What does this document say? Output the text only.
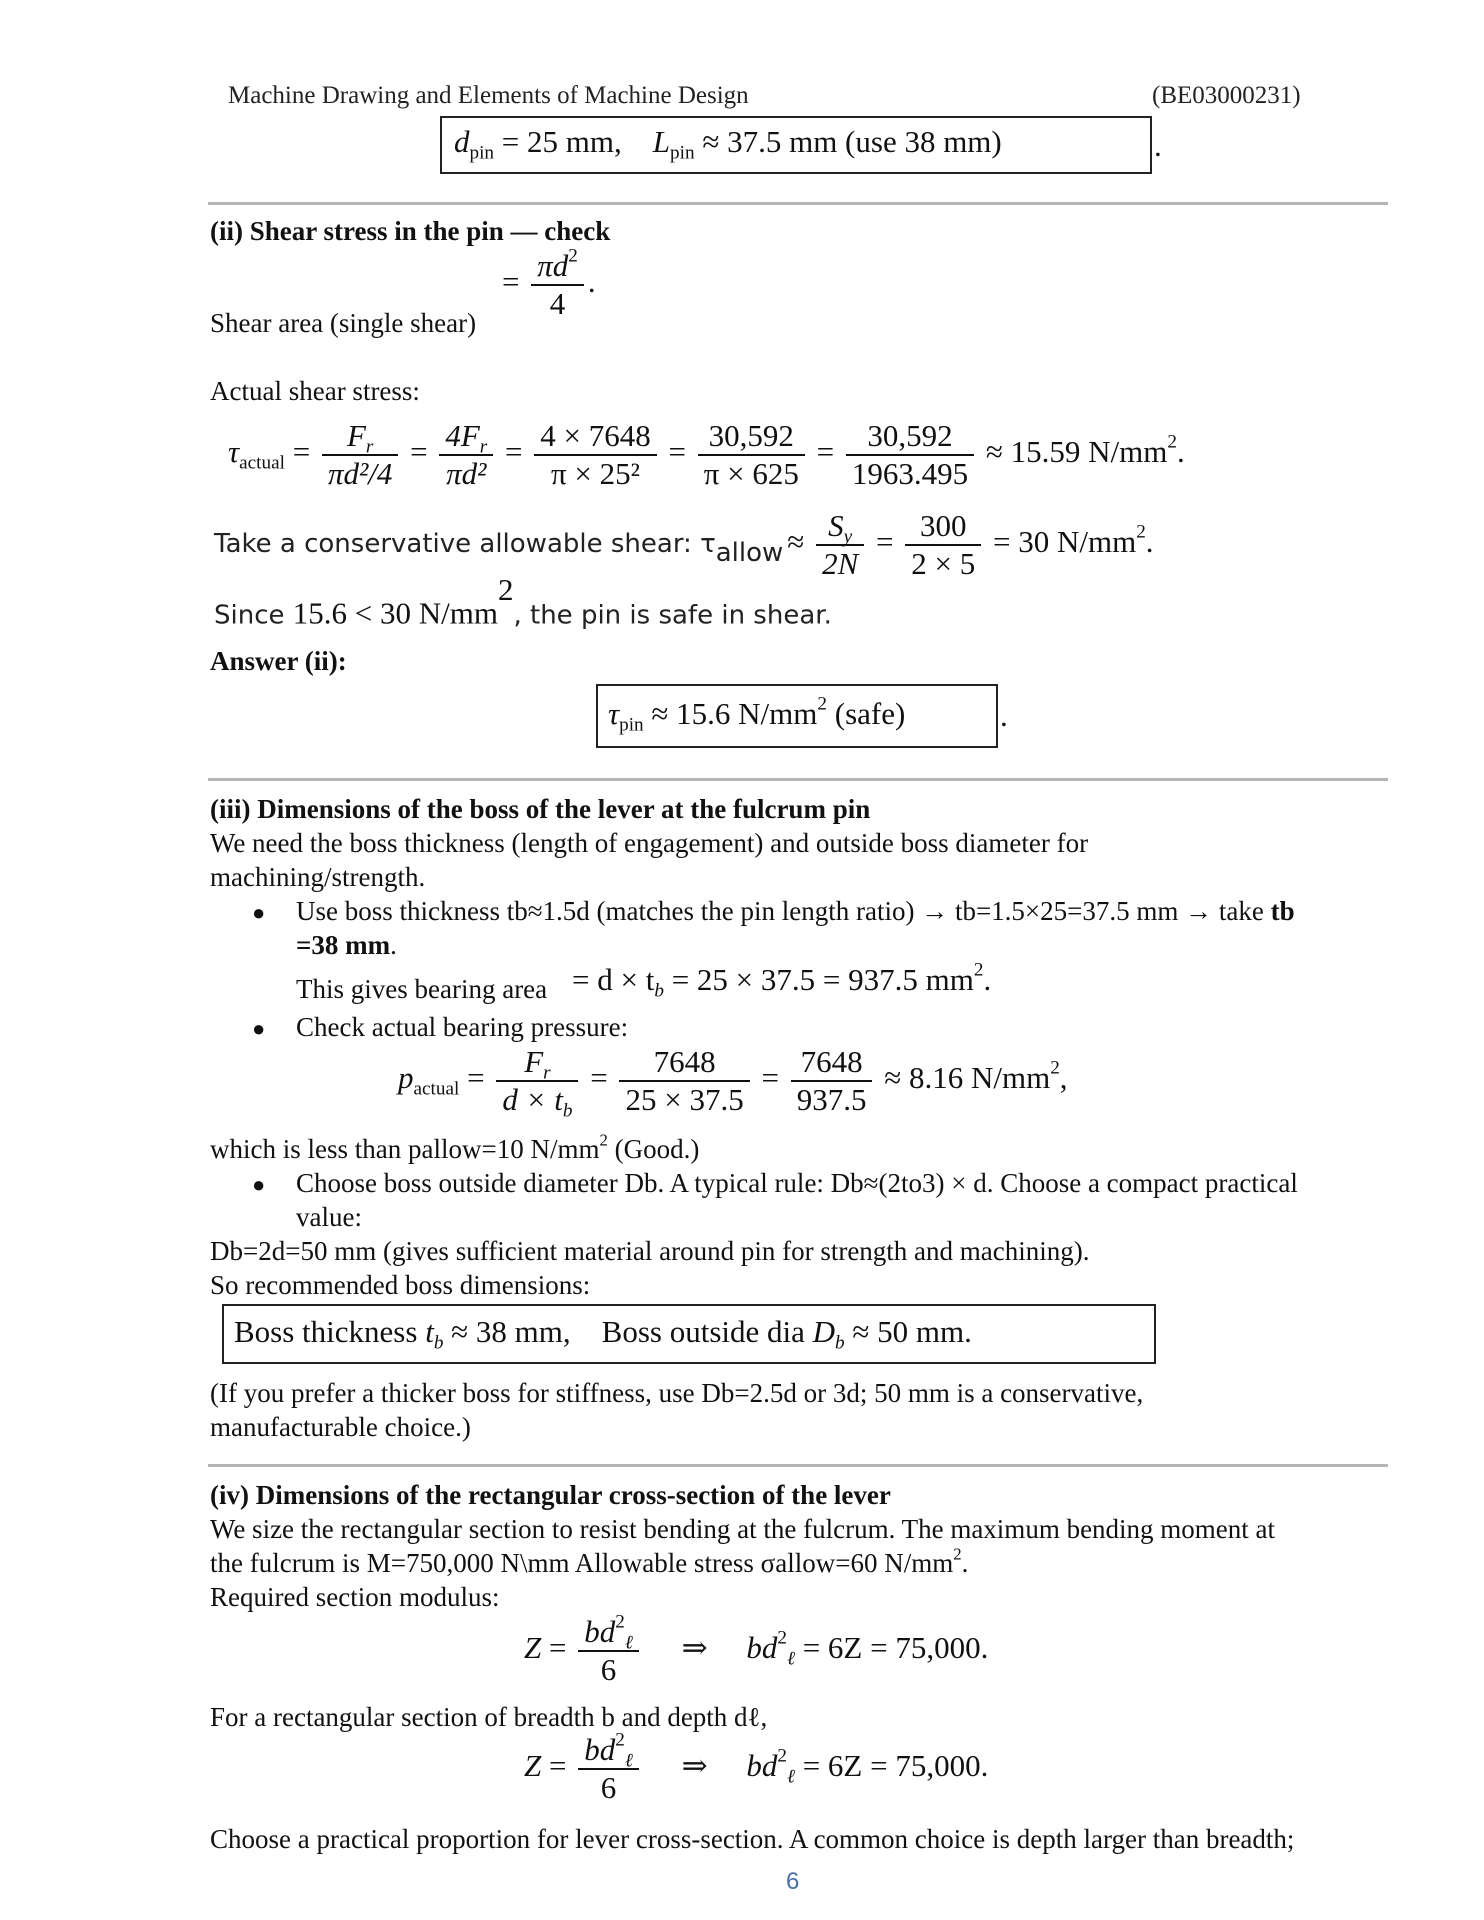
Machine Drawing and Elements of Machine Design	(BE03000231)
$d_{pin} = 25$ mm, $L_{pin} \approx 37.5$ mm (use 38 mm)	.
(ii) Shear stress in the pin — check
= $\frac{\pi d^2}{4}$ .
Shear area (single shear)
Actual shear stress:
$\tau_{actual} = \frac{F_r}{\text{πd²/4}} = \frac{4F_r}{\text{πd²}} = \frac{4 \times 7648}{\text{π × 25²}} = \frac{30,592}{\pi \times 625} = \frac{30,592}{1963.495} \approx 15.59$ $N/mm^2$.
Take a conservative allowable shear: $\tau_{allow} \approx \frac{S_y}{2N} = \frac{300}{2 \times 5} = 30$ $N/mm^2$.
Since 15.6 < 30 $N/mm^2$, the pin is safe in shear.
Answer (ii):
$\tau_{pin} \approx 15.6$ $N/mm^2$ (safe)	.
(iii) Dimensions of the boss of the lever at the fulcrum pin
We need the boss thickness (length of engagement) and outside boss diameter for
machining/strength.
● Use boss thickness tb≈1.5d (matches the pin length ratio) → tb=1.5×25=37.5 mm → take tb
=38 mm.
This gives bearing area = $d \times t_b = 25 \times 37.5 = 937.5$ $mm^2$.
● Check actual bearing pressure:
$p_{actual} = \frac{F_r}{d \times t_b} = \frac{7648}{25 \times 37.5} = \frac{7648}{937.5} \approx 8.16$ $N/mm^2$,
which is less than pallow=10 $N/mm^2$ (Good.)
● Choose boss outside diameter Db. A typical rule: Db≈(2to3) × d. Choose a compact practical
value:
Db=2d=50 mm (gives sufficient material around pin for strength and machining).
So recommended boss dimensions:
Boss thickness $t_b \approx 38$ mm, Boss outside dia $D_b \approx 50$ mm.
(If you prefer a thicker boss for stiffness, use Db=2.5d or 3d; 50 mm is a conservative,
manufacturable choice.)
(iv) Dimensions of the rectangular cross-section of the lever
We size the rectangular section to resist bending at the fulcrum. The maximum bending moment at
the fulcrum is M=750,000 N\mm Allowable stress σallow=60 $N/mm^2$.
Required section modulus:
$Z = \frac{bd^2_\ell}{6}$ ⇒     $bd^2_\ell = 6Z = 75,000$.
For a rectangular section of breadth b and depth dℓ,
$Z = \frac{bd^2_\ell}{6}$ ⇒     $bd^2_\ell = 6Z = 75,000$.
Choose a practical proportion for lever cross-section. A common choice is depth larger than breadth;
6
